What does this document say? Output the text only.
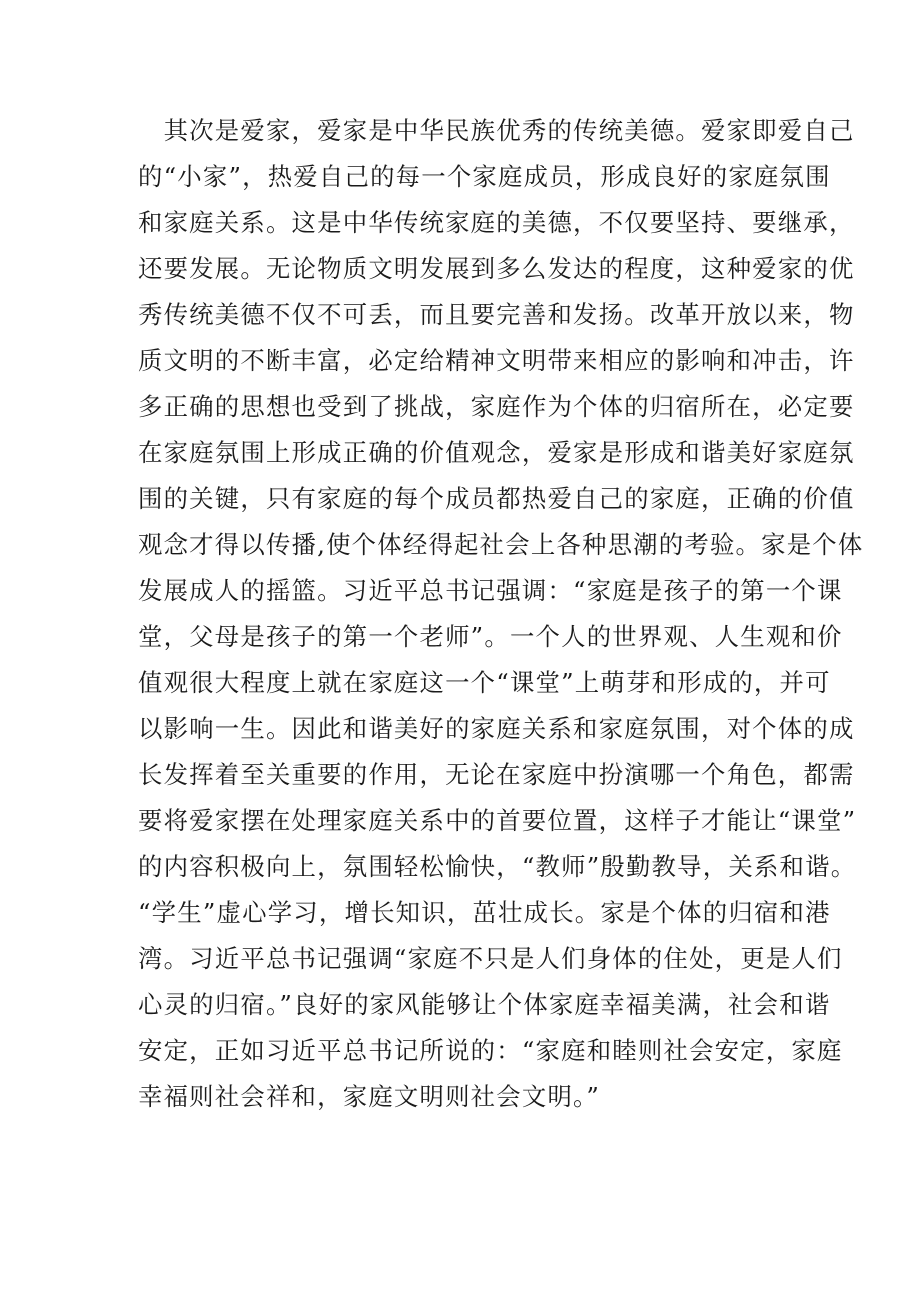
　其次是爱家，爱家是中华民族优秀的传统美德。爱家即爱自己
的“小家”，热爱自己的每一个家庭成员，形成良好的家庭氛围
和家庭关系。这是中华传统家庭的美德，不仅要坚持、要继承，
还要发展。无论物质文明发展到多么发达的程度，这种爱家的优
秀传统美德不仅不可丢，而且要完善和发扬。改革开放以来，物
质文明的不断丰富，必定给精神文明带来相应的影响和冲击，许
多正确的思想也受到了挑战，家庭作为个体的归宿所在，必定要
在家庭氛围上形成正确的价值观念，爱家是形成和谐美好家庭氛
围的关键，只有家庭的每个成员都热爱自己的家庭，正确的价值
观念才得以传播,使个体经得起社会上各种思潮的考验。家是个体
发展成人的摇篮。习近平总书记强调：“家庭是孩子的第一个课
堂，父母是孩子的第一个老师”。一个人的世界观、人生观和价
值观很大程度上就在家庭这一个“课堂”上萌芽和形成的，并可
以影响一生。因此和谐美好的家庭关系和家庭氛围，对个体的成
长发挥着至关重要的作用，无论在家庭中扮演哪一个角色，都需
要将爱家摆在处理家庭关系中的首要位置，这样子才能让“课堂”
的内容积极向上，氛围轻松愉快，“教师”殷勤教导，关系和谐。
“学生”虚心学习，增长知识，茁壮成长。家是个体的归宿和港
湾。习近平总书记强调“家庭不只是人们身体的住处，更是人们
心灵的归宿。”良好的家风能够让个体家庭幸福美满，社会和谐
安定，正如习近平总书记所说的：“家庭和睦则社会安定，家庭
幸福则社会祥和，家庭文明则社会文明。”
